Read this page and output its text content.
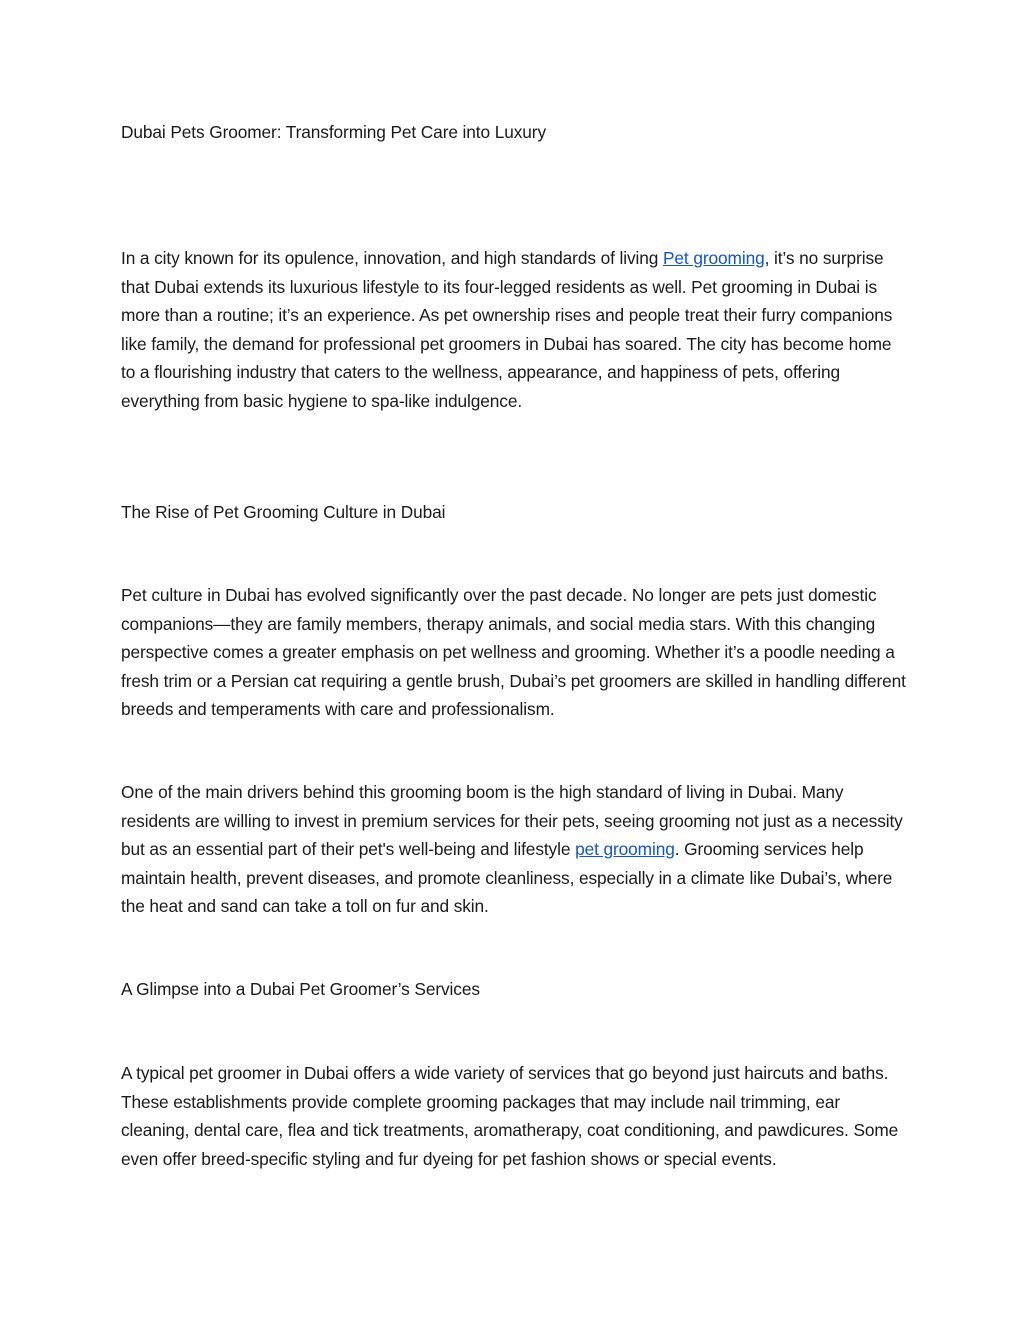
Dubai Pets Groomer: Transforming Pet Care into Luxury

In a city known for its opulence, innovation, and high standards of living Pet grooming, it’s no surprise that Dubai extends its luxurious lifestyle to its four-legged residents as well. Pet grooming in Dubai is more than a routine; it’s an experience. As pet ownership rises and people treat their furry companions like family, the demand for professional pet groomers in Dubai has soared. The city has become home to a flourishing industry that caters to the wellness, appearance, and happiness of pets, offering everything from basic hygiene to spa-like indulgence.

The Rise of Pet Grooming Culture in Dubai

Pet culture in Dubai has evolved significantly over the past decade. No longer are pets just domestic companions—they are family members, therapy animals, and social media stars. With this changing perspective comes a greater emphasis on pet wellness and grooming. Whether it’s a poodle needing a fresh trim or a Persian cat requiring a gentle brush, Dubai’s pet groomers are skilled in handling different breeds and temperaments with care and professionalism.

One of the main drivers behind this grooming boom is the high standard of living in Dubai. Many residents are willing to invest in premium services for their pets, seeing grooming not just as a necessity but as an essential part of their pet's well-being and lifestyle pet grooming. Grooming services help maintain health, prevent diseases, and promote cleanliness, especially in a climate like Dubai’s, where the heat and sand can take a toll on fur and skin.

A Glimpse into a Dubai Pet Groomer’s Services

A typical pet groomer in Dubai offers a wide variety of services that go beyond just haircuts and baths. These establishments provide complete grooming packages that may include nail trimming, ear cleaning, dental care, flea and tick treatments, aromatherapy, coat conditioning, and pawdicures. Some even offer breed-specific styling and fur dyeing for pet fashion shows or special events.
